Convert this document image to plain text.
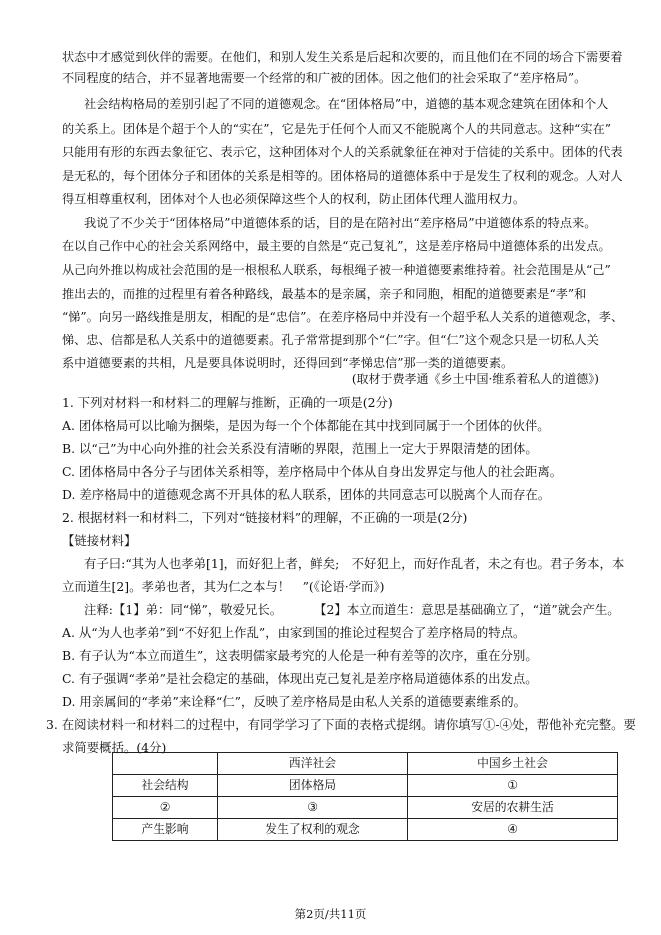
状态中才感觉到伙伴的需要。在他们，和别人发生关系是后起和次要的，而且他们在不同的场合下需要着
不同程度的结合，并不显著地需要一个经常的和广被的团体。因之他们的社会采取了“差序格局”。
社会结构格局的差别引起了不同的道德观念。在“团体格局”中，道德的基本观念建筑在团体和个人
的关系上。团体是个超于个人的“实在”，它是先于任何个人而又不能脱离个人的共同意志。这种“实在”
只能用有形的东西去象征它、表示它，这种团体对个人的关系就象征在神对于信徒的关系中。团体的代表
是无私的，每个团体分子和团体的关系是相等的。团体格局的道德体系中于是发生了权利的观念。人对人
得互相尊重权利，团体对个人也必须保障这些个人的权利，防止团体代理人滥用权力。
我说了不少关于“团体格局”中道德体系的话，目的是在陪衬出“差序格局”中道德体系的特点来。
在以自己作中心的社会关系网络中，最主要的自然是“克己复礼”，这是差序格局中道德体系的出发点。
从己向外推以构成社会范围的是一根根私人联系，每根绳子被一种道德要素维持着。社会范围是从“己”
推出去的，而推的过程里有着各种路线，最基本的是亲属，亲子和同胞，相配的道德要素是“孝”和
“悌”。向另一路线推是朋友，相配的是“忠信”。在差序格局中并没有一个超乎私人关系的道德观念，孝、
悌、忠、信都是私人关系中的道德要素。孔子常常提到那个“仁”字。但“仁”这个观念只是一切私人关
系中道德要素的共相，凡是要具体说明时，还得回到“孝悌忠信”那一类的道德要素。
(取材于费孝通《乡土中国·维系着私人的道德》)
1. 下列对材料一和材料二的理解与推断，正确的一项是(2分)
A. 团体格局可以比喻为捆柴，是因为每一个个体都能在其中找到同属于一个团体的伙伴。
B. 以“己”为中心向外推的社会关系没有清晰的界限，范围上一定大于界限清楚的团体。
C. 团体格局中各分子与团体关系相等，差序格局中个体从自身出发界定与他人的社会距离。
D. 差序格局中的道德观念离不开具体的私人联系，团体的共同意志可以脱离个人而存在。
2. 根据材料一和材料二，下列对“链接材料”的理解，不正确的一项是(2分)
【链接材料】
有子曰:“其为人也孝弟[1]，而好犯上者，鲜矣;　不好犯上，而好作乱者，未之有也。君子务本，本
立而道生[2]。孝弟也者，其为仁之本与！　”(《论语·学而》)
注释:【1】弟：同“悌”，敬爱兄长。	【2】本立而道生：意思是基础确立了，“道”就会产生。
A. 从“为人也孝弟”到“不好犯上作乱”，由家到国的推论过程契合了差序格局的特点。
B. 有子认为“本立而道生”，这表明儒家最考究的人伦是一种有差等的次序，重在分别。
C. 有子强调“孝弟”是社会稳定的基础，体现出克己复礼是差序格局道德体系的出发点。
D. 用亲属间的“孝弟”来诠释“仁”，反映了差序格局是由私人关系的道德要素维系的。
3. 在阅读材料一和材料二的过程中，有同学学习了下面的表格式提纲。请你填写①-④处，帮他补充完整。要
求简要概括。(4分)
	西洋社会	中国乡土社会
社会结构	团体格局	①
②	③	安居的农耕生活
产生影响	发生了权利的观念	④
第2页/共11页
